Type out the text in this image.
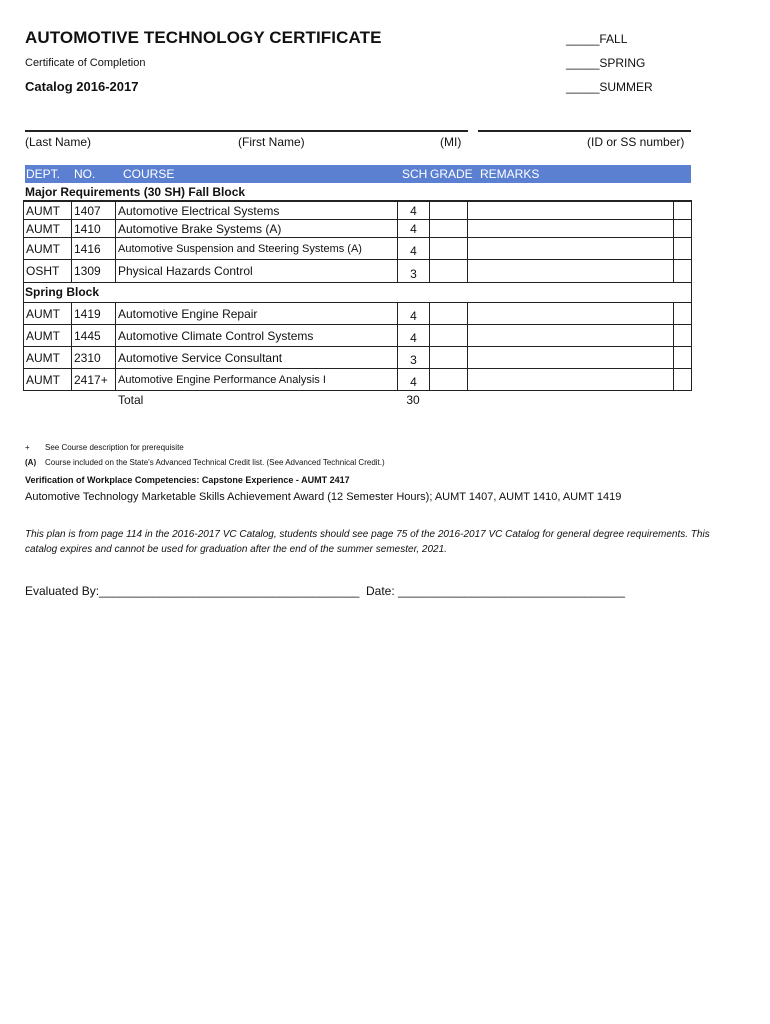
AUTOMOTIVE TECHNOLOGY CERTIFICATE
Certificate of Completion
Catalog 2016-2017
_____FALL
_____SPRING
_____SUMMER
(Last Name)	(First Name)	(MI)	(ID or SS number)
DEPT. NO. COURSE	SCH GRADE REMARKS
Major Requirements (30 SH) Fall Block
AUMT	1407	Automotive Electrical Systems	4
AUMT	1410	Automotive Brake Systems (A)	4
AUMT	1416	Automotive Suspension and Steering Systems (A)	4
OSHT	1309	Physical Hazards Control	3
Spring Block
AUMT	1419	Automotive Engine Repair	4
AUMT	1445	Automotive Climate Control Systems	4
AUMT	2310	Automotive Service Consultant	3
AUMT	2417+ Automotive Engine Performance Analysis I	4
Total	30
+ See Course description for prerequisite
(A) Course included on the State's Advanced Technical Credit list. (See Advanced Technical Credit.)
Verification of Workplace Competencies: Capstone Experience - AUMT 2417
Automotive Technology Marketable Skills Achievement Award (12 Semester Hours); AUMT 1407, AUMT 1410, AUMT 1419
This plan is from page 114 in the 2016-2017 VC Catalog, students should see page 75 of the 2016-2017 VC Catalog for general degree requirements. This catalog expires and cannot be used for graduation after the end of the summer semester, 2021.
Evaluated By:_______________________________________ Date: __________________________________
